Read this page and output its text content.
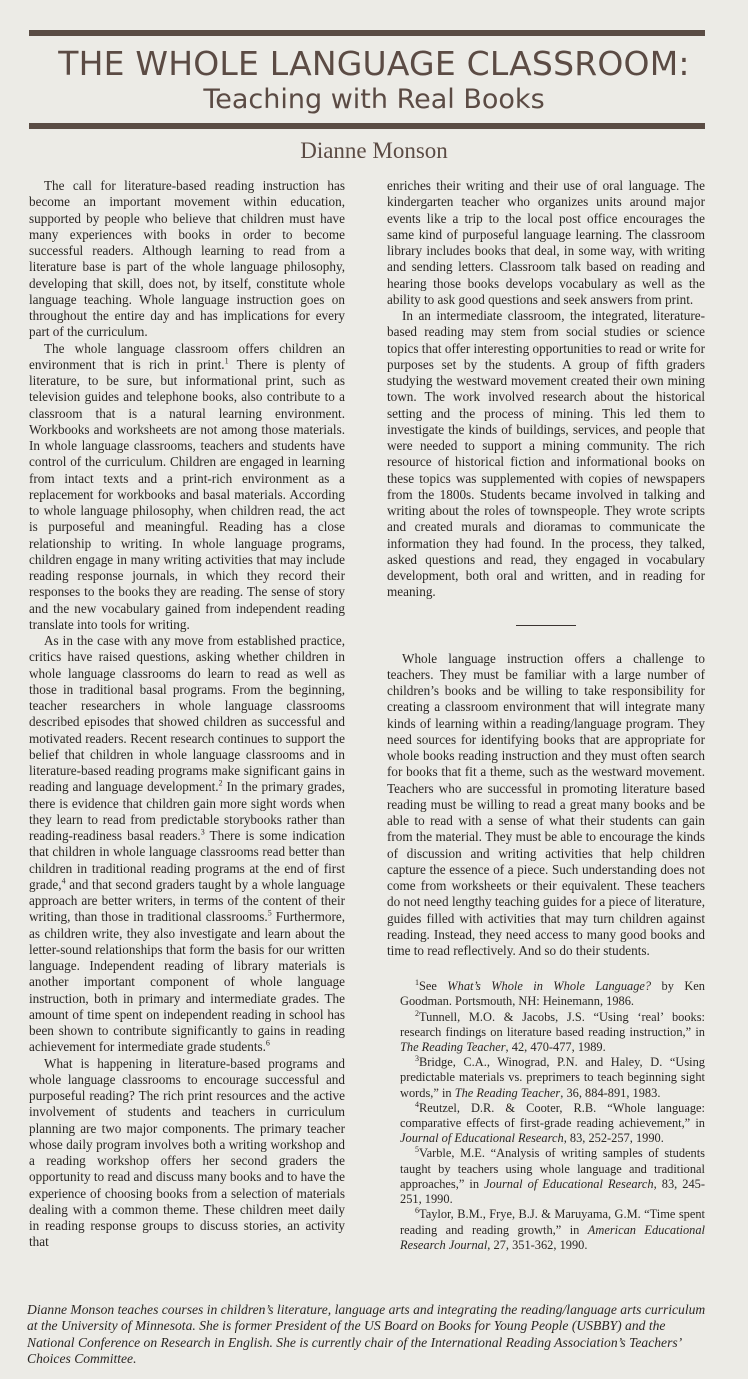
THE WHOLE LANGUAGE CLASSROOM:
Teaching with Real Books
Dianne Monson

The call for literature-based reading instruction has become an important movement within education, supported by people who believe that children must have many experiences with books in order to become successful readers. Although learning to read from a literature base is part of the whole language philosophy, developing that skill, does not, by itself, constitute whole language teaching. Whole language instruction goes on throughout the entire day and has implications for every part of the curriculum.

The whole language classroom offers children an environment that is rich in print.$^1$ There is plenty of literature, to be sure, but informational print, such as television guides and telephone books, also contribute to a classroom that is a natural learning environment. Workbooks and worksheets are not among those materials. In whole language classrooms, teachers and students have control of the curriculum. Children are engaged in learning from intact texts and a print-rich environment as a replacement for workbooks and basal materials. According to whole language philosophy, when children read, the act is purposeful and meaningful. Reading has a close relationship to writing. In whole language programs, children engage in many writing activities that may include reading response journals, in which they record their responses to the books they are reading. The sense of story and the new vocabulary gained from independent reading translate into tools for writing.

As in the case with any move from established practice, critics have raised questions, asking whether children in whole language classrooms do learn to read as well as those in traditional basal programs. From the beginning, teacher researchers in whole language classrooms described episodes that showed children as successful and motivated readers. Recent research continues to support the belief that children in whole language classrooms and in literature-based reading programs make significant gains in reading and language development.$^2$ In the primary grades, there is evidence that children gain more sight words when they learn to read from predictable storybooks rather than reading-readiness basal readers.$^3$ There is some indication that children in whole language classrooms read better than children in traditional reading programs at the end of first grade,$^4$ and that second graders taught by a whole language approach are better writers, in terms of the content of their writing, than those in traditional classrooms.$^5$ Furthermore, as children write, they also investigate and learn about the letter-sound relationships that form the basis for our written language. Independent reading of library materials is another important component of whole language instruction, both in primary and intermediate grades. The amount of time spent on independent reading in school has been shown to contribute significantly to gains in reading achievement for intermediate grade students.$^6$

What is happening in literature-based programs and whole language classrooms to encourage successful and purposeful reading? The rich print resources and the active involvement of students and teachers in curriculum planning are two major components. The primary teacher whose daily program involves both a writing workshop and a reading workshop offers her second graders the opportunity to read and discuss many books and to have the experience of choosing books from a selection of materials dealing with a common theme. These children meet daily in reading response groups to discuss stories, an activity that

enriches their writing and their use of oral language. The kindergarten teacher who organizes units around major events like a trip to the local post office encourages the same kind of purposeful language learning. The classroom library includes books that deal, in some way, with writing and sending letters. Classroom talk based on reading and hearing those books develops vocabulary as well as the ability to ask good questions and seek answers from print.

In an intermediate classroom, the integrated, literature-based reading may stem from social studies or science topics that offer interesting opportunities to read or write for purposes set by the students. A group of fifth graders studying the westward movement created their own mining town. The work involved research about the historical setting and the process of mining. This led them to investigate the kinds of buildings, services, and people that were needed to support a mining community. The rich resource of historical fiction and informational books on these topics was supplemented with copies of newspapers from the 1800s. Students became involved in talking and writing about the roles of townspeople. They wrote scripts and created murals and dioramas to communicate the information they had found. In the process, they talked, asked questions and read, they engaged in vocabulary development, both oral and written, and in reading for meaning.

Whole language instruction offers a challenge to teachers. They must be familiar with a large number of children’s books and be willing to take responsibility for creating a classroom environment that will integrate many kinds of learning within a reading/language program. They need sources for identifying books that are appropriate for whole books reading instruction and they must often search for books that fit a theme, such as the westward movement. Teachers who are successful in promoting literature based reading must be willing to read a great many books and be able to read with a sense of what their students can gain from the material. They must be able to encourage the kinds of discussion and writing activities that help children capture the essence of a piece. Such understanding does not come from worksheets or their equivalent. These teachers do not need lengthy teaching guides for a piece of literature, guides filled with activities that may turn children against reading. Instead, they need access to many good books and time to read reflectively. And so do their students.

$^1$See What’s Whole in Whole Language? by Ken Goodman. Portsmouth, NH: Heinemann, 1986.

$^2$Tunnell, M.O. & Jacobs, J.S. “Using ‘real’ books: research findings on literature based reading instruction,” in The Reading Teacher, 42, 470-477, 1989.

$^3$Bridge, C.A., Winograd, P.N. and Haley, D. “Using predictable materials vs. preprimers to teach beginning sight words,” in The Reading Teacher, 36, 884-891, 1983.

$^4$Reutzel, D.R. & Cooter, R.B. “Whole language: comparative effects of first-grade reading achievement,” in Journal of Educational Research, 83, 252-257, 1990.

$^5$Varble, M.E. “Analysis of writing samples of students taught by teachers using whole language and traditional approaches,” in Journal of Educational Research, 83, 245-251, 1990.

$^6$Taylor, B.M., Frye, B.J. & Maruyama, G.M. “Time spent reading and reading growth,” in American Educational Research Journal, 27, 351-362, 1990.

Dianne Monson teaches courses in children’s literature, language arts and integrating the reading/language arts curriculum at the University of Minnesota. She is former President of the US Board on Books for Young People (USBBY) and the National Conference on Research in English. She is currently chair of the International Reading Association’s Teachers’ Choices Committee.
